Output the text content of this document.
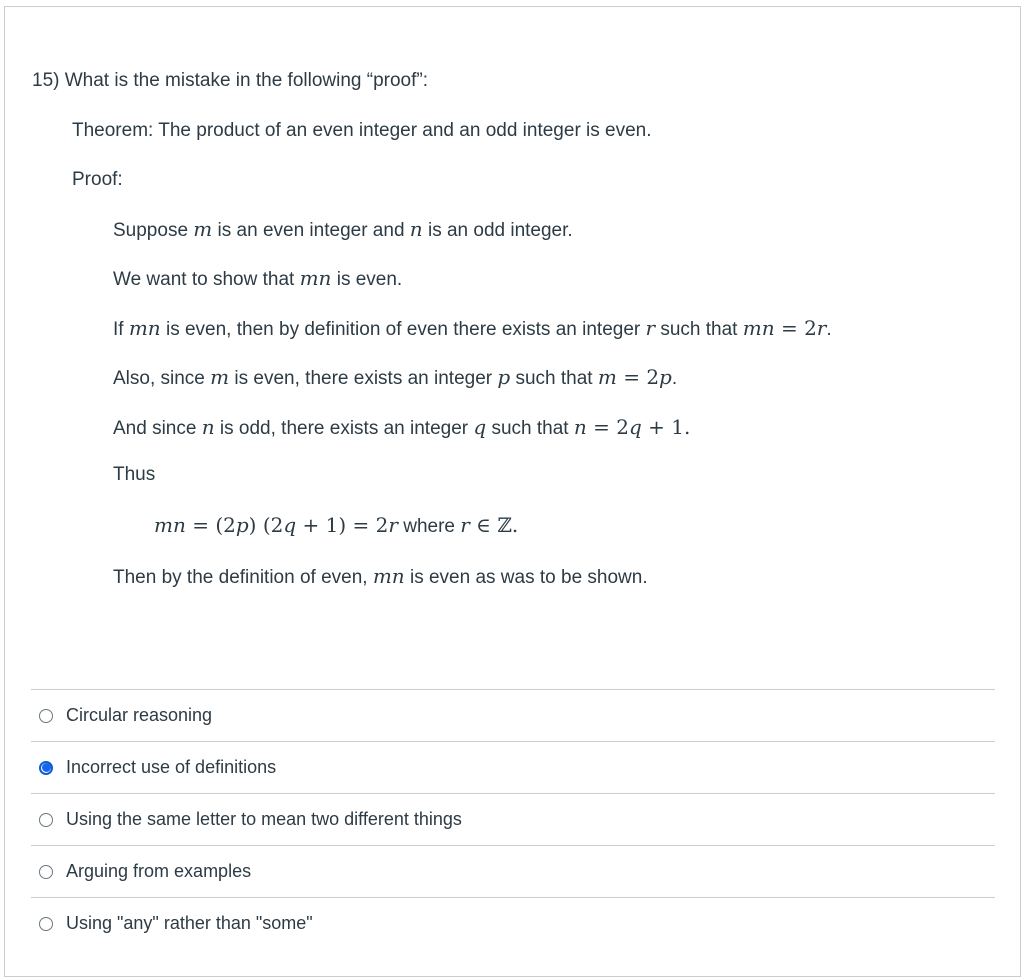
15) What is the mistake in the following “proof”:
Theorem: The product of an even integer and an odd integer is even.
Proof:
Suppose m is an even integer and n is an odd integer.
We want to show that mn is even.
If mn is even, then by definition of even there exists an integer r such that mn = 2r.
Also, since m is even, there exists an integer p such that m = 2p.
And since n is odd, there exists an integer q such that n = 2q + 1.
Thus
mn = (2p) (2q + 1) = 2r where r ∈ ℤ.
Then by the definition of even, mn is even as was to be shown.
Circular reasoning
Incorrect use of definitions
Using the same letter to mean two different things
Arguing from examples
Using "any" rather than "some"
